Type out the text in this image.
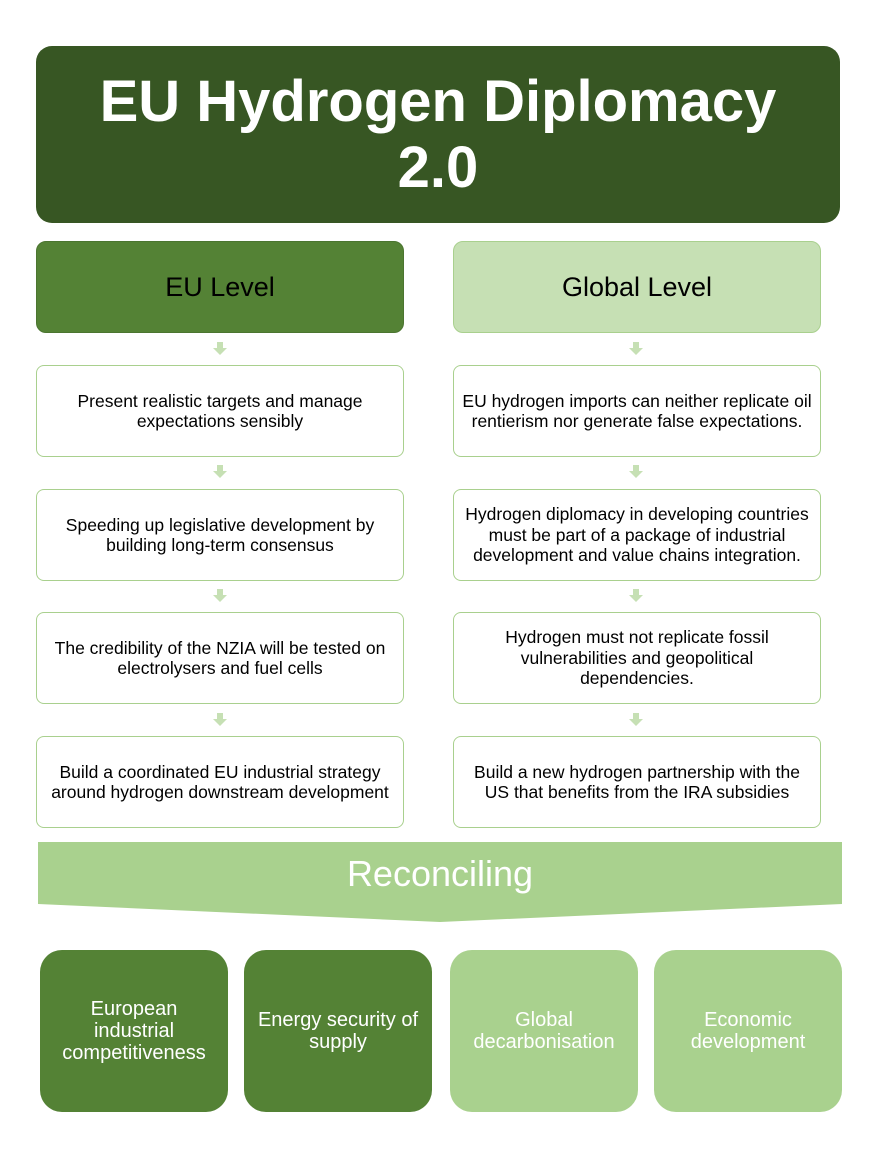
EU Hydrogen Diplomacy
2.0
EU Level	Global Level
Present realistic targets and manage expectations sensibly
Speeding up legislative development by building long-term consensus
The credibility of the NZIA will be tested on electrolysers and fuel cells
Build a coordinated EU industrial strategy around hydrogen downstream development
EU hydrogen imports can neither replicate oil rentierism nor generate false expectations.
Hydrogen diplomacy in developing countries must be part of a package of industrial development and value chains integration.
Hydrogen must not replicate fossil vulnerabilities and geopolitical dependencies.
Build a new hydrogen partnership with the US that benefits from the IRA subsidies
Reconciling
European industrial competitiveness
Energy security of supply
Global decarbonisation
Economic development
